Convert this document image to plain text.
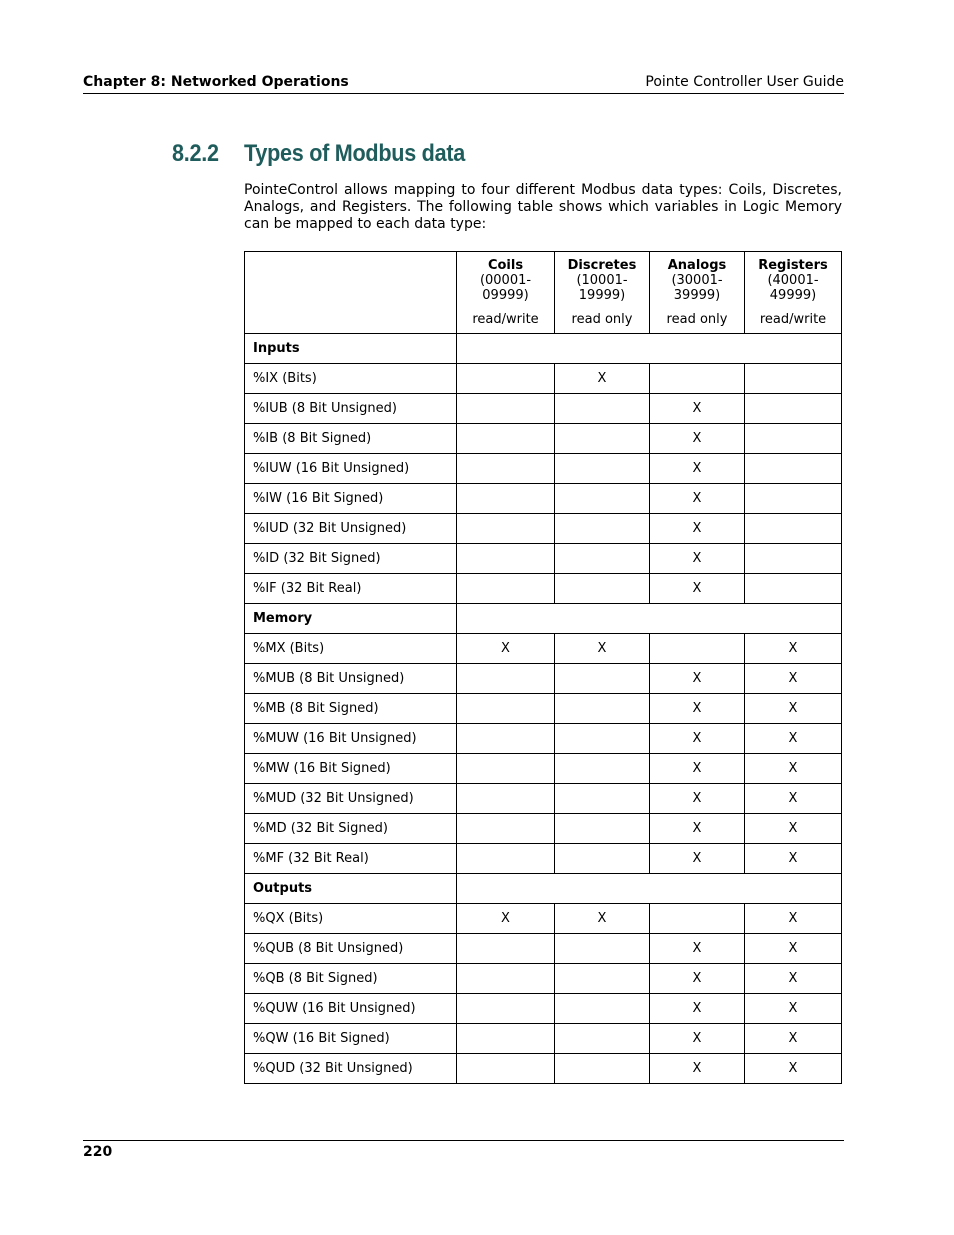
Chapter 8: Networked Operations	Pointe Controller User Guide
8.2.2 Types of Modbus data
PointeControl allows mapping to four different Modbus data types: Coils, Discretes, Analogs, and Registers. The following table shows which variables in Logic Memory can be mapped to each data type:

	Coils
(00001-
09999)
read/write	Discretes
(10001-
19999)
read only	Analogs
(30001-
39999)
read only	Registers
(40001-
49999)
read/write

Inputs				
%IX (Bits)		X		
%IUB (8 Bit Unsigned)			X	
%IB (8 Bit Signed)			X	
%IUW (16 Bit Unsigned)			X	
%IW (16 Bit Signed)			X	
%IUD (32 Bit Unsigned)			X	
%ID (32 Bit Signed)			X	
%IF (32 Bit Real)			X	
Memory				
%MX (Bits)	X	X		X
%MUB (8 Bit Unsigned)			X	X
%MB (8 Bit Signed)			X	X
%MUW (16 Bit Unsigned)			X	X
%MW (16 Bit Signed)			X	X
%MUD (32 Bit Unsigned)			X	X
%MD (32 Bit Signed)			X	X
%MF (32 Bit Real)			X	X
Outputs				
%QX (Bits)	X	X		X
%QUB (8 Bit Unsigned)			X	X
%QB (8 Bit Signed)			X	X
%QUW (16 Bit Unsigned)			X	X
%QW (16 Bit Signed)			X	X
%QUD (32 Bit Unsigned)			X	X
220
